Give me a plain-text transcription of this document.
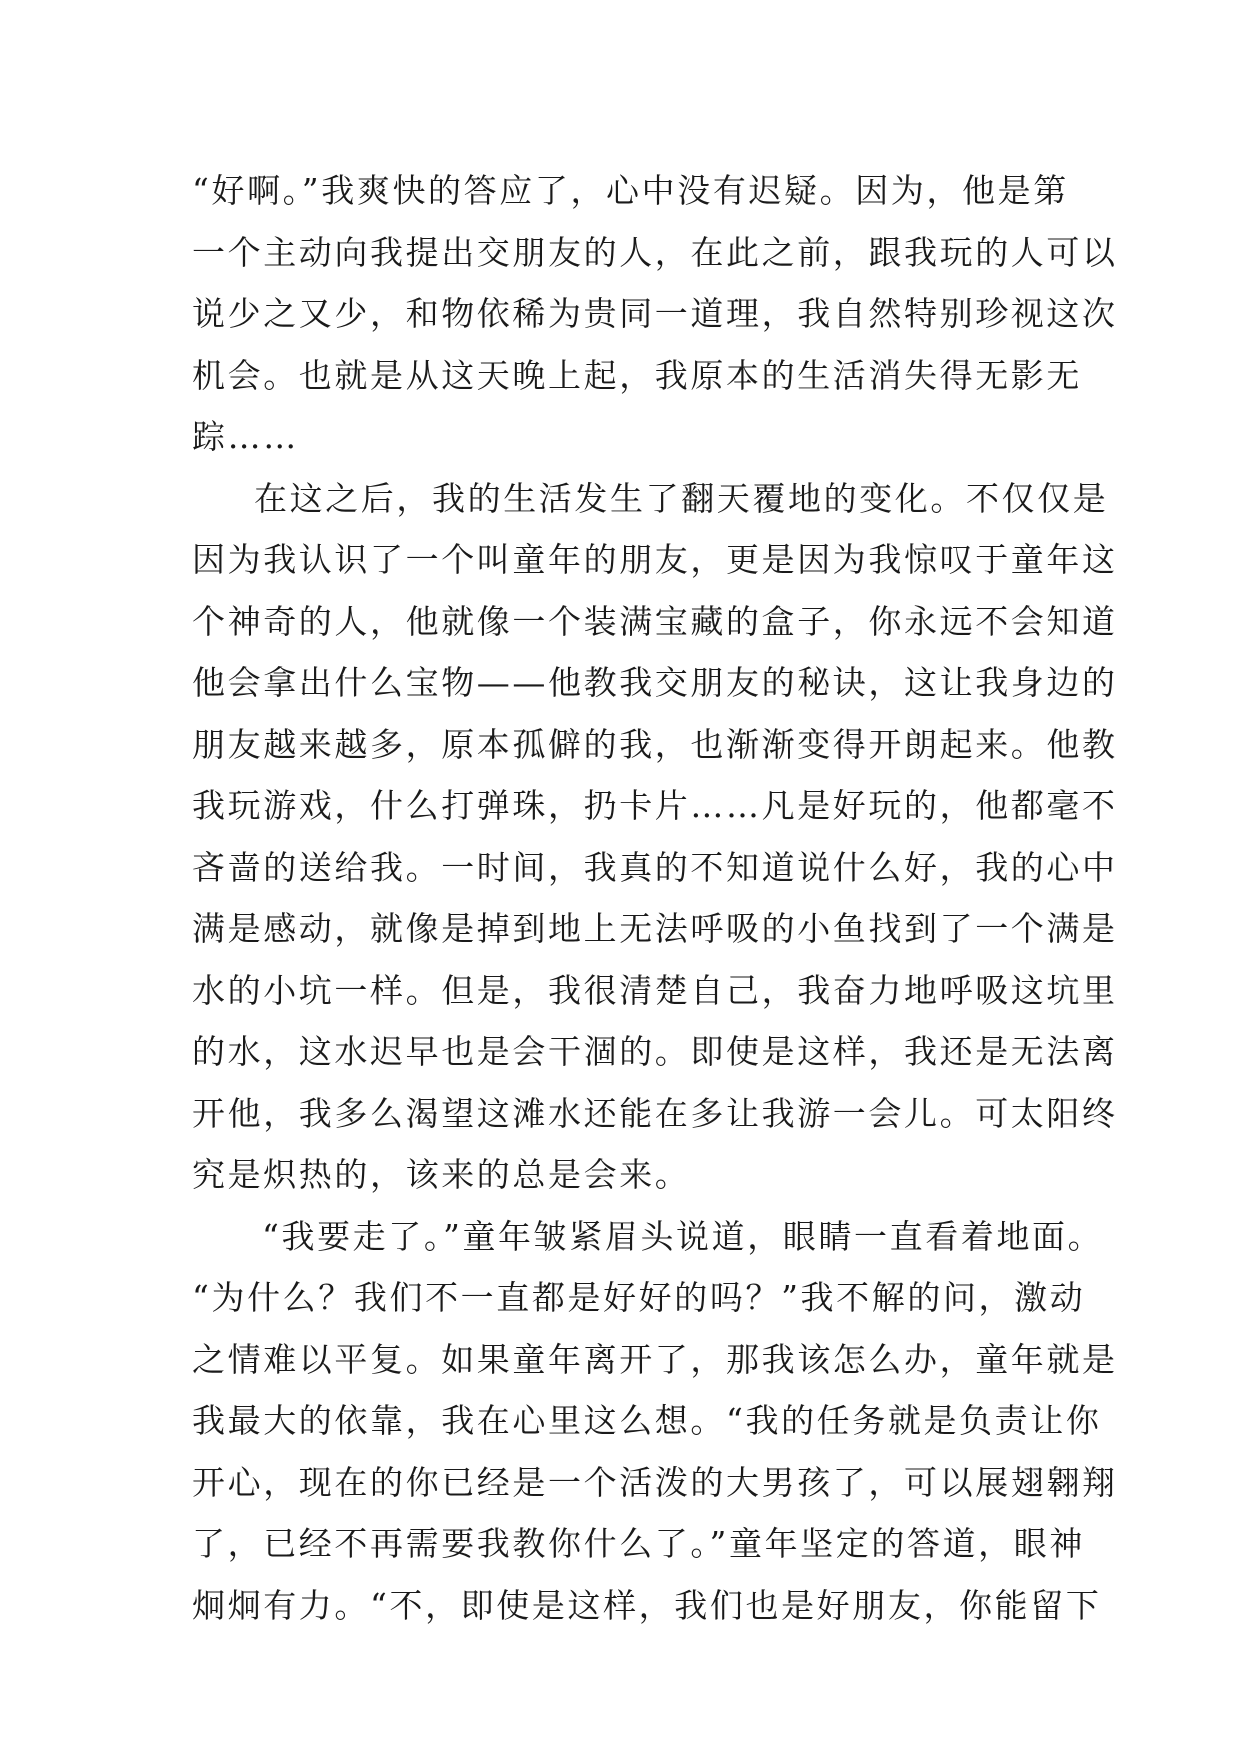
“好啊。”我爽快的答应了，心中没有迟疑。因为，他是第
一个主动向我提出交朋友的人，在此之前，跟我玩的人可以
说少之又少，和物依稀为贵同一道理，我自然特别珍视这次
机会。也就是从这天晚上起，我原本的生活消失得无影无
踪……
在这之后，我的生活发生了翻天覆地的变化。不仅仅是
因为我认识了一个叫童年的朋友，更是因为我惊叹于童年这
个神奇的人，他就像一个装满宝藏的盒子，你永远不会知道
他会拿出什么宝物——他教我交朋友的秘诀，这让我身边的
朋友越来越多，原本孤僻的我，也渐渐变得开朗起来。他教
我玩游戏，什么打弹珠，扔卡片……凡是好玩的，他都毫不
吝啬的送给我。一时间，我真的不知道说什么好，我的心中
满是感动，就像是掉到地上无法呼吸的小鱼找到了一个满是
水的小坑一样。但是，我很清楚自己，我奋力地呼吸这坑里
的水，这水迟早也是会干涸的。即使是这样，我还是无法离
开他，我多么渴望这滩水还能在多让我游一会儿。可太阳终
究是炽热的，该来的总是会来。
“我要走了。”童年皱紧眉头说道，眼睛一直看着地面。
“为什么？我们不一直都是好好的吗？”我不解的问，激动
之情难以平复。如果童年离开了，那我该怎么办，童年就是
我最大的依靠，我在心里这么想。“我的任务就是负责让你
开心，现在的你已经是一个活泼的大男孩了，可以展翅翱翔
了，已经不再需要我教你什么了。”童年坚定的答道，眼神
炯炯有力。“不，即使是这样，我们也是好朋友，你能留下
